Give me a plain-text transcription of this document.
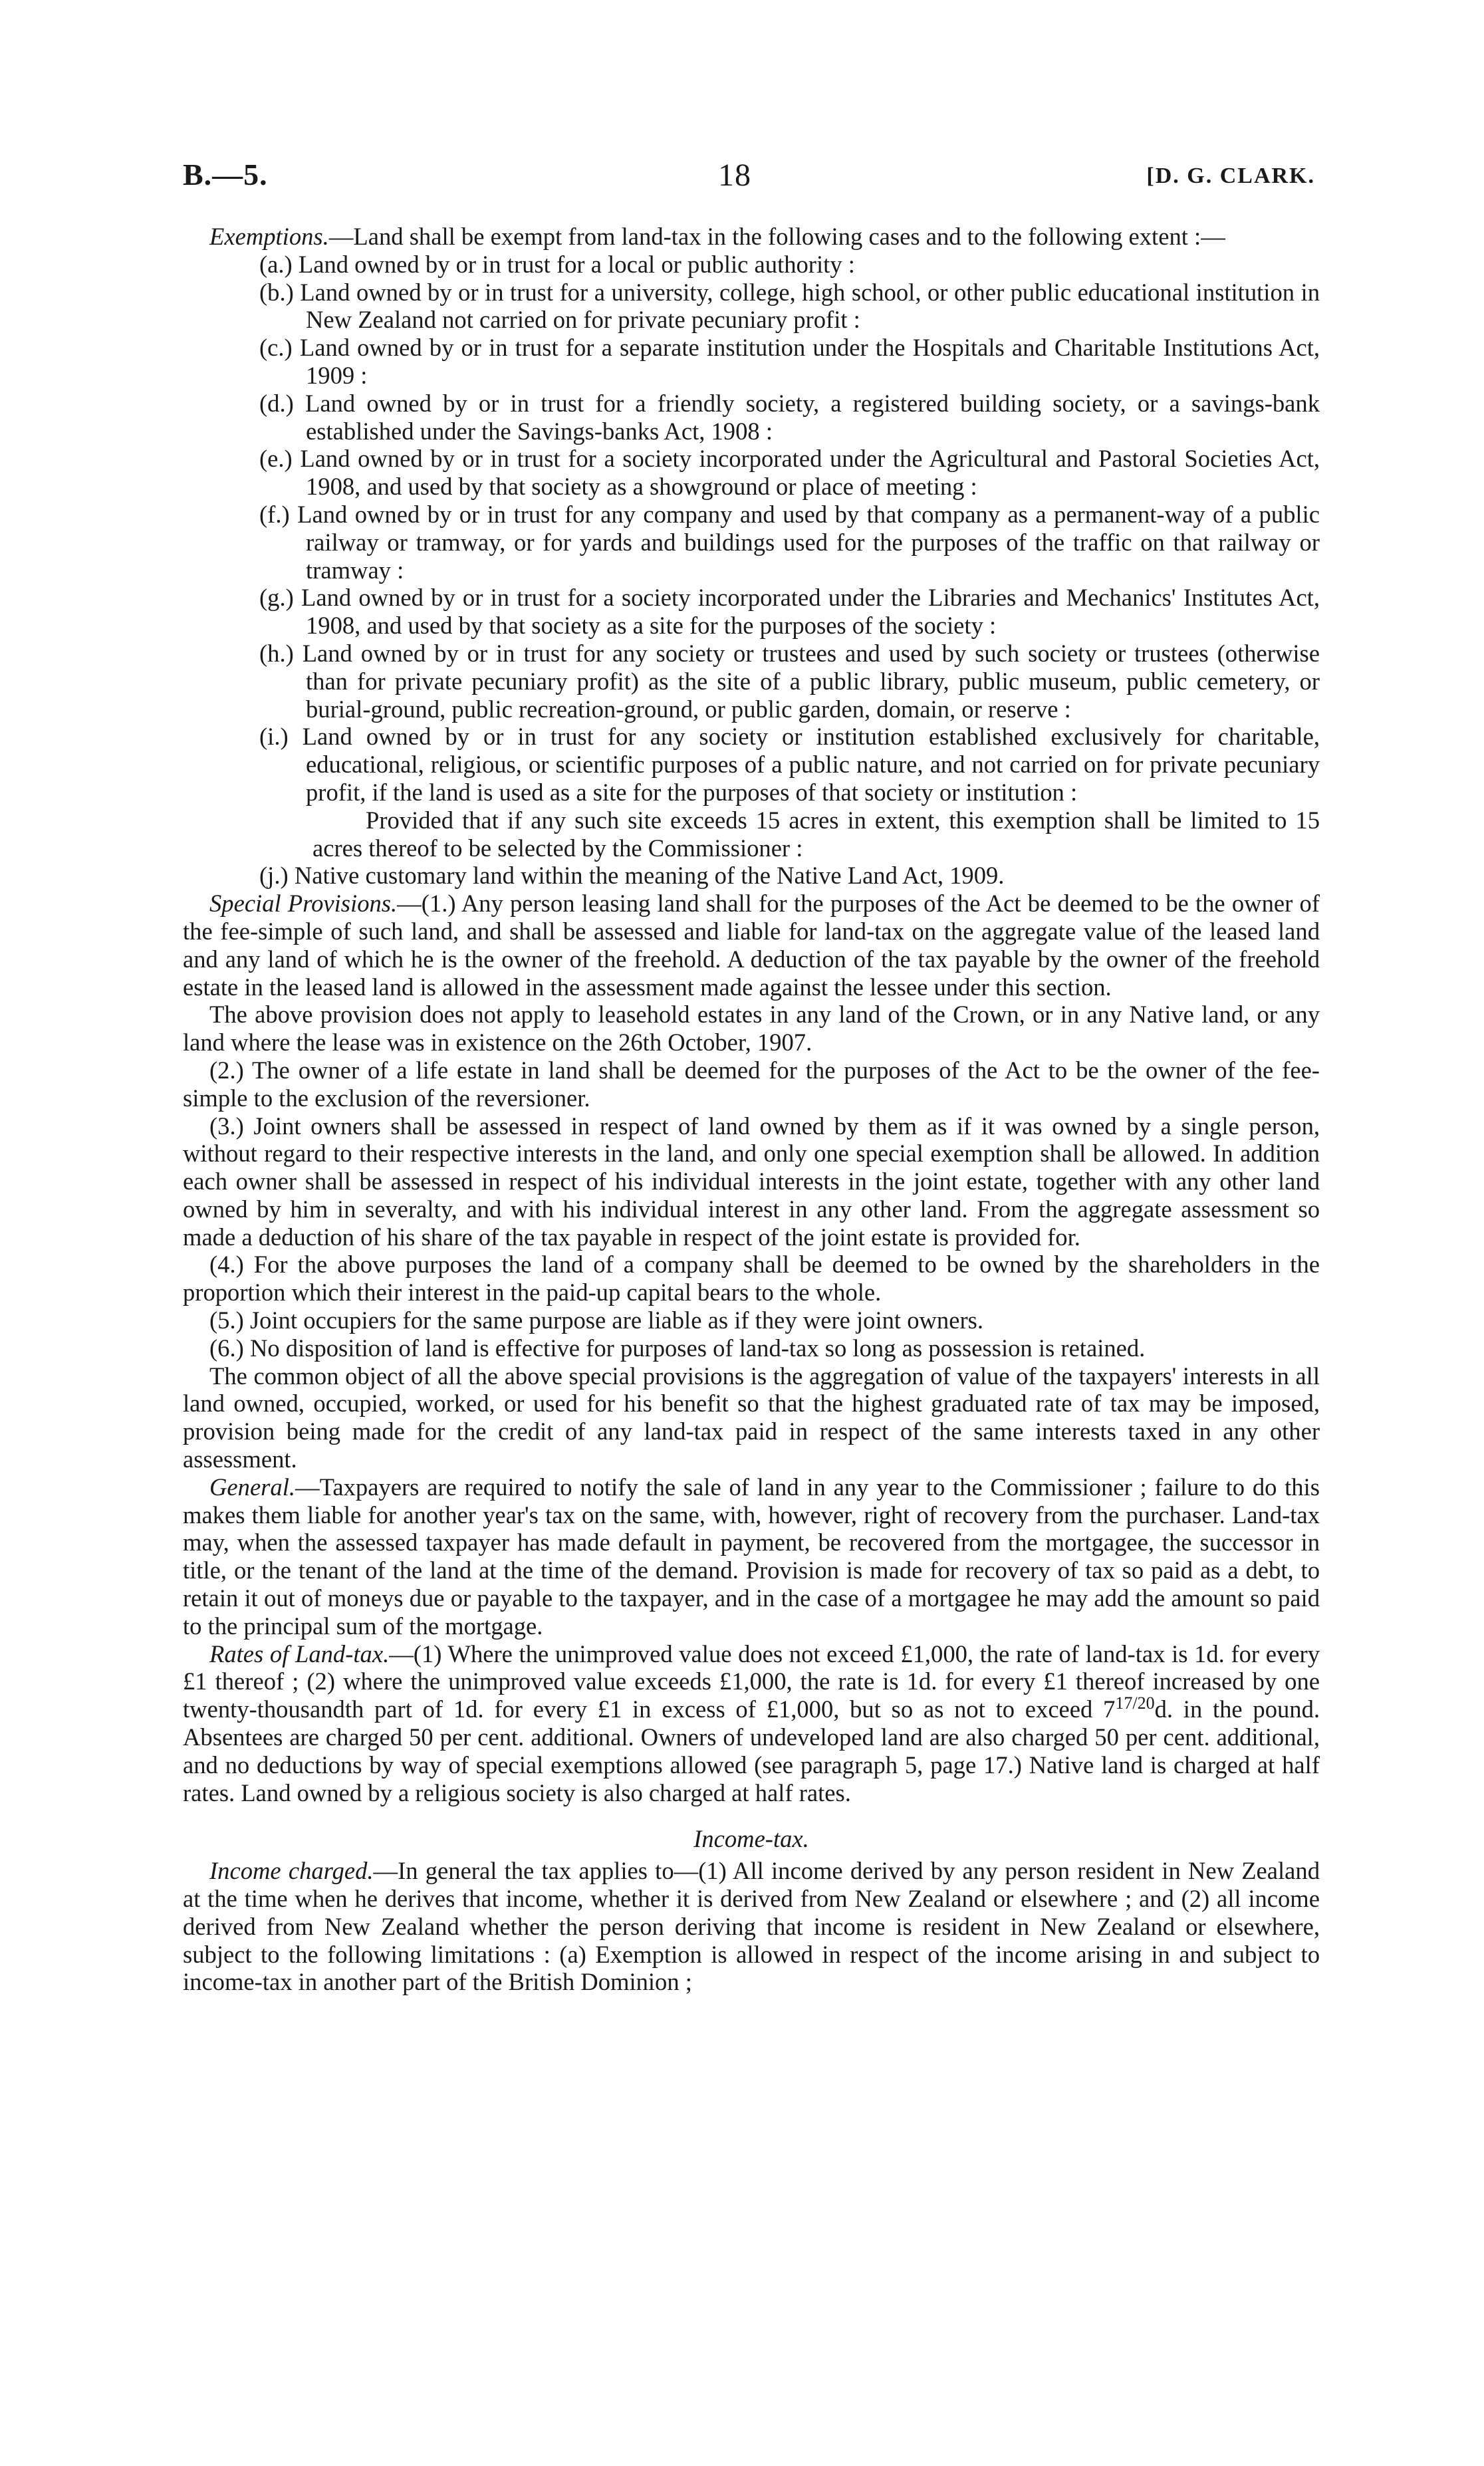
B.—5.	18	[D. G. CLARK.

Exemptions.—Land shall be exempt from land-tax in the following cases and to the following extent :—

(a.) Land owned by or in trust for a local or public authority :

(b.) Land owned by or in trust for a university, college, high school, or other public educational institution in New Zealand not carried on for private pecuniary profit :

(c.) Land owned by or in trust for a separate institution under the Hospitals and Charitable Institutions Act, 1909 :

(d.) Land owned by or in trust for a friendly society, a registered building society, or a savings-bank established under the Savings-banks Act, 1908 :

(e.) Land owned by or in trust for a society incorporated under the Agricultural and Pastoral Societies Act, 1908, and used by that society as a showground or place of meeting :

(f.) Land owned by or in trust for any company and used by that company as a permanent-way of a public railway or tramway, or for yards and buildings used for the purposes of the traffic on that railway or tramway :

(g.) Land owned by or in trust for a society incorporated under the Libraries and Mechanics' Institutes Act, 1908, and used by that society as a site for the purposes of the society :

(h.) Land owned by or in trust for any society or trustees and used by such society or trustees (otherwise than for private pecuniary profit) as the site of a public library, public museum, public cemetery, or burial-ground, public recreation-ground, or public garden, domain, or reserve :

(i.) Land owned by or in trust for any society or institution established exclusively for charitable, educational, religious, or scientific purposes of a public nature, and not carried on for private pecuniary profit, if the land is used as a site for the purposes of that society or institution :

Provided that if any such site exceeds 15 acres in extent, this exemption shall be limited to 15 acres thereof to be selected by the Commissioner :

(j.) Native customary land within the meaning of the Native Land Act, 1909.

Special Provisions.—(1.) Any person leasing land shall for the purposes of the Act be deemed to be the owner of the fee-simple of such land, and shall be assessed and liable for land-tax on the aggregate value of the leased land and any land of which he is the owner of the freehold. A deduction of the tax payable by the owner of the freehold estate in the leased land is allowed in the assessment made against the lessee under this section.

The above provision does not apply to leasehold estates in any land of the Crown, or in any Native land, or any land where the lease was in existence on the 26th October, 1907.

(2.) The owner of a life estate in land shall be deemed for the purposes of the Act to be the owner of the fee-simple to the exclusion of the reversioner.

(3.) Joint owners shall be assessed in respect of land owned by them as if it was owned by a single person, without regard to their respective interests in the land, and only one special exemption shall be allowed. In addition each owner shall be assessed in respect of his individual interests in the joint estate, together with any other land owned by him in severalty, and with his individual interest in any other land. From the aggregate assessment so made a deduction of his share of the tax payable in respect of the joint estate is provided for.

(4.) For the above purposes the land of a company shall be deemed to be owned by the shareholders in the proportion which their interest in the paid-up capital bears to the whole.

(5.) Joint occupiers for the same purpose are liable as if they were joint owners.

(6.) No disposition of land is effective for purposes of land-tax so long as possession is retained.

The common object of all the above special provisions is the aggregation of value of the taxpayers' interests in all land owned, occupied, worked, or used for his benefit so that the highest graduated rate of tax may be imposed, provision being made for the credit of any land-tax paid in respect of the same interests taxed in any other assessment.

General.—Taxpayers are required to notify the sale of land in any year to the Commissioner ; failure to do this makes them liable for another year's tax on the same, with, however, right of recovery from the purchaser. Land-tax may, when the assessed taxpayer has made default in payment, be recovered from the mortgagee, the successor in title, or the tenant of the land at the time of the demand. Provision is made for recovery of tax so paid as a debt, to retain it out of moneys due or payable to the taxpayer, and in the case of a mortgagee he may add the amount so paid to the principal sum of the mortgage.

Rates of Land-tax.—(1) Where the unimproved value does not exceed £1,000, the rate of land-tax is 1d. for every £1 thereof ; (2) where the unimproved value exceeds £1,000, the rate is 1d. for every £1 thereof increased by one twenty-thousandth part of 1d. for every £1 in excess of £1,000, but so as not to exceed $7^{17/20}d$. in the pound. Absentees are charged 50 per cent. additional. Owners of undeveloped land are also charged 50 per cent. additional, and no deductions by way of special exemptions allowed (see paragraph 5, page 17.) Native land is charged at half rates. Land owned by a religious society is also charged at half rates.

Income-tax.

Income charged.—In general the tax applies to—(1) All income derived by any person resident in New Zealand at the time when he derives that income, whether it is derived from New Zealand or elsewhere ; and (2) all income derived from New Zealand whether the person deriving that income is resident in New Zealand or elsewhere, subject to the following limitations : (a) Exemption is allowed in respect of the income arising in and subject to income-tax in another part of the British Dominion ;
